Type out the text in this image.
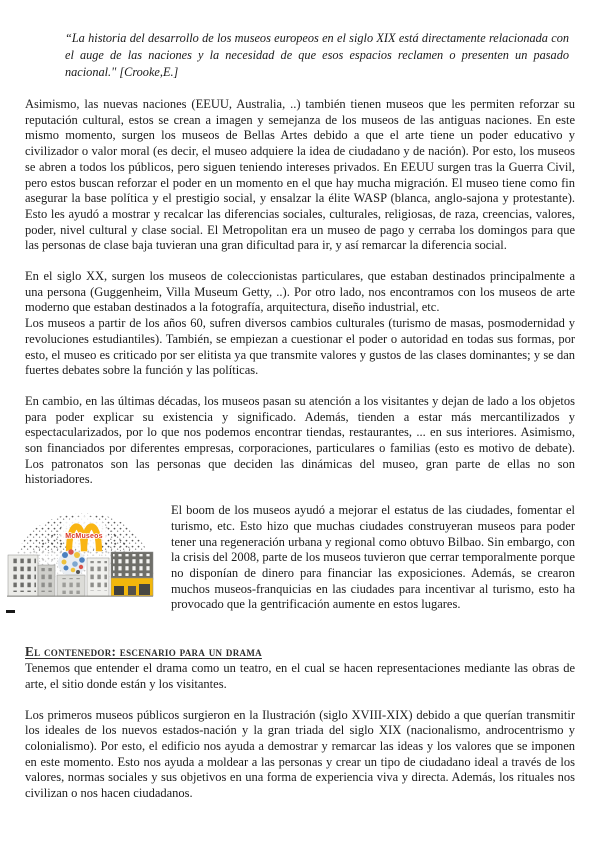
“La historia del desarrollo de los museos europeos en el siglo XIX está directamente relacionada con el auge de las naciones y la necesidad de que esos espacios reclamen o presenten un pasado nacional." [Crooke,E.]

Asimismo, las nuevas naciones (EEUU, Australia, ..) también tienen museos que les permiten reforzar su reputación cultural, estos se crean a imagen y semejanza de los museos de las antiguas naciones. En este mismo momento, surgen los museos de Bellas Artes debido a que el arte tiene un poder educativo y civilizador o valor moral (es decir, el museo adquiere la idea de ciudadano y de nación). Por esto, los museos se abren a todos los públicos, pero siguen teniendo intereses privados. En EEUU surgen tras la Guerra Civil, pero estos buscan reforzar el poder en un momento en el que hay mucha migración. El museo tiene como fin asegurar la base política y el prestigio social, y ensalzar la élite WASP (blanca, anglo-sajona y protestante). Esto les ayudó a mostrar y recalcar las diferencias sociales, culturales, religiosas, de raza, creencias, valores, poder, nivel cultural y clase social. El Metropolitan era un museo de pago y cerraba los domingos para que las personas de clase baja tuvieran una gran dificultad para ir, y así remarcar la diferencia social.

En el siglo XX, surgen los museos de coleccionistas particulares, que estaban destinados principalmente a una persona (Guggenheim, Villa Museum Getty, ..). Por otro lado, nos encontramos con los museos de arte moderno que estaban destinados a la fotografía, arquitectura, diseño industrial, etc.

Los museos a partir de los años 60, sufren diversos cambios culturales (turismo de masas, posmodernidad y revoluciones estudiantiles). También, se empiezan a cuestionar el poder o autoridad en todas sus formas, por esto, el museo es criticado por ser elitista ya que transmite valores y gustos de las clases dominantes; y se dan fuertes debates sobre la función y las políticas.

En cambio, en las últimas décadas, los museos pasan su atención a los visitantes y dejan de lado a los objetos para poder explicar su existencia y significado. Además, tienden a estar más mercantilizados y espectacularizados, por lo que nos podemos encontrar tiendas, restaurantes, ... en sus interiores. Asimismo, son financiados por diferentes empresas, corporaciones, particulares o familias (esto es motivo de debate). Los patronatos son las personas que deciden las dinámicas del museo, gran parte de ellas no son historiadores.

McMuseos

El boom de los museos ayudó a mejorar el estatus de las ciudades, fomentar el turismo, etc. Esto hizo que muchas ciudades construyeran museos para poder tener una regeneración urbana y regional como obtuvo Bilbao. Sin embargo, con la crisis del 2008, parte de los museos tuvieron que cerrar temporalmente porque no disponían de dinero para financiar las exposiciones. Además, se crearon muchos museos-franquicias en las ciudades para incentivar al turismo, esto ha provocado que la gentrificación aumente en estos lugares.

El contenedor: escenario para un drama

Tenemos que entender el drama como un teatro, en el cual se hacen representaciones mediante las obras de arte, el sitio donde están y los visitantes.

Los primeros museos públicos surgieron en la Ilustración (siglo XVIII-XIX) debido a que querían transmitir los ideales de los nuevos estados-nación y la gran triada del siglo XIX (nacionalismo, androcentrismo y colonialismo). Por esto, el edificio nos ayuda a demostrar y remarcar las ideas y los valores que se imponen en este momento. Esto nos ayuda a moldear a las personas y crear un tipo de ciudadano ideal a través de los valores, normas sociales y sus objetivos en una forma de experiencia viva y directa. Además, los rituales nos civilizan o nos hacen ciudadanos.
